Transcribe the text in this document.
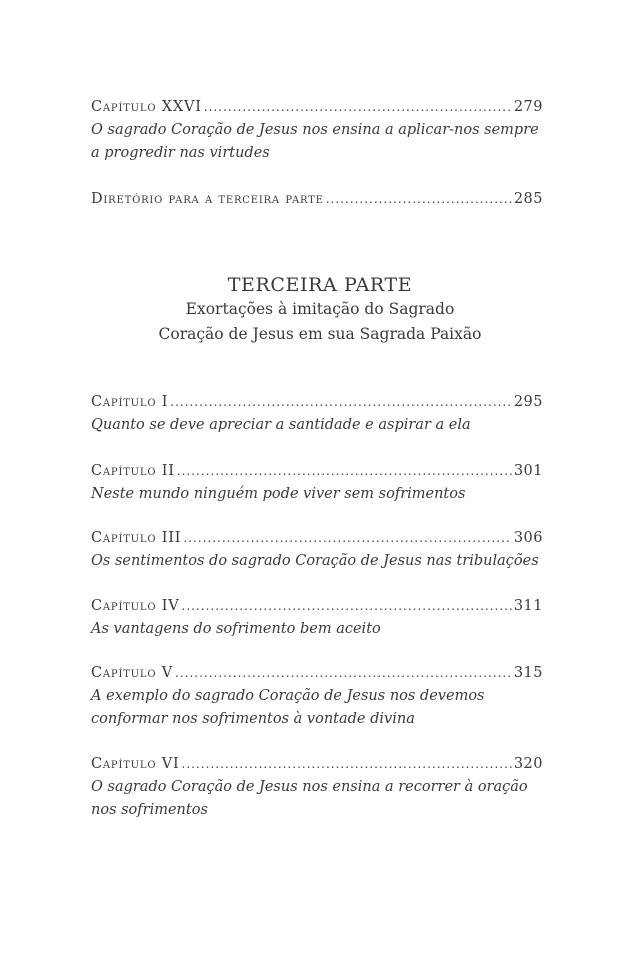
Capítulo XXVI .....	279
O sagrado Coração de Jesus nos ensina a aplicar-nos sempre a progredir nas virtudes
Diretório para a terceira parte .....	285
TERCEIRA PARTE
Exortações à imitação do Sagrado
Coração de Jesus em sua Sagrada Paixão
Capítulo I .....	295
Quanto se deve apreciar a santidade e aspirar a ela
Capítulo II .....	301
Neste mundo ninguém pode viver sem sofrimentos
Capítulo III .....	306
Os sentimentos do sagrado Coração de Jesus nas tribulações
Capítulo IV .....	311
As vantagens do sofrimento bem aceito
Capítulo V .....	315
A exemplo do sagrado Coração de Jesus nos devemos conformar nos sofrimentos à vontade divina
Capítulo VI .....	320
O sagrado Coração de Jesus nos ensina a recorrer à oração nos sofrimentos
